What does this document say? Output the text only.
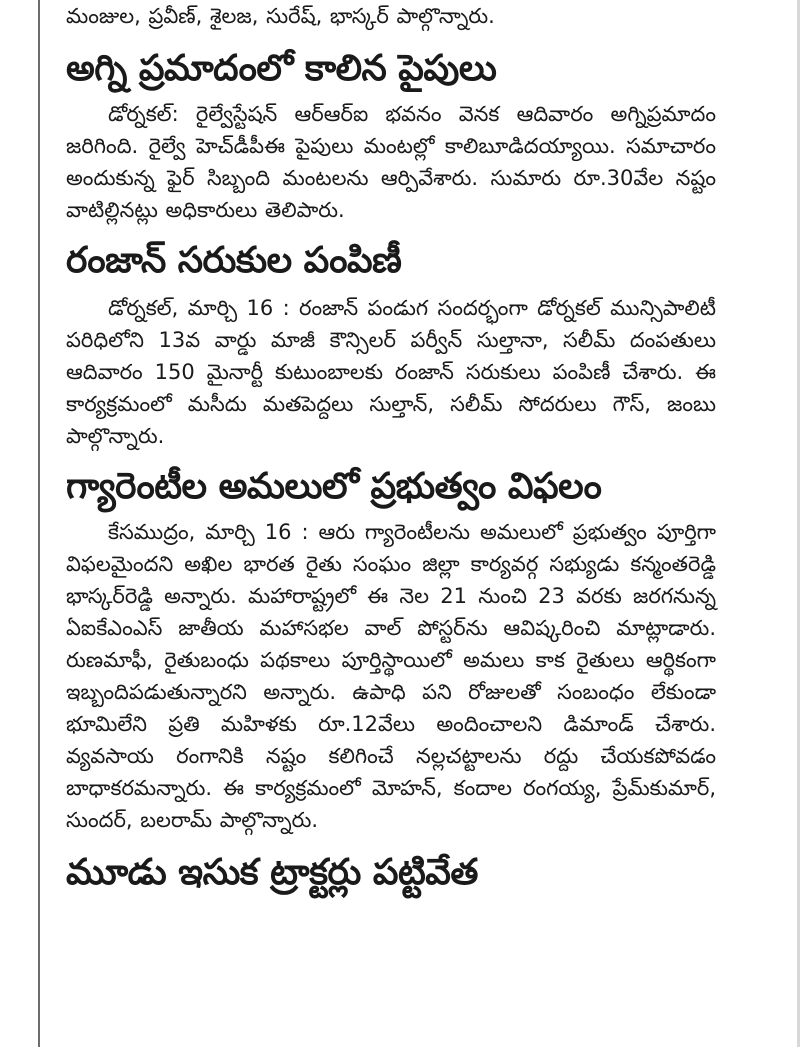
మంజుల, ప్రవీణ్, శైలజ, సురేష్, భాస్కర్ పాల్గొన్నారు.

అగ్ని ప్రమాదంలో కాలిన పైపులు

డోర్నకల్: రైల్వేస్టేషన్ ఆర్‌ఆర్‌ఐ భవనం వెనక ఆదివారం అగ్నిప్రమాదం జరిగింది. రైల్వే హెచ్‌డీపీఈ పైపులు మంటల్లో కాలిబూడిదయ్యాయి. సమాచారం అందుకున్న ఫైర్ సిబ్బంది మంటలను ఆర్పివేశారు. సుమారు రూ.30వేల నష్టం వాటిల్లినట్లు అధికారులు తెలిపారు.

రంజాన్ సరుకుల పంపిణీ

డోర్నకల్, మార్చి 16 : రంజాన్ పండుగ సందర్భంగా డోర్నకల్ మున్సిపాలిటీ పరిధిలోని 13వ వార్డు మాజీ కౌన్సిలర్ పర్వీన్ సుల్తానా, సలీమ్ దంపతులు ఆదివారం 150 మైనార్టీ కుటుంబాలకు రంజాన్ సరుకులు పంపిణీ చేశారు. ఈ కార్యక్రమంలో మసీదు మతపెద్దలు సుల్తాన్, సలీమ్ సోదరులు గౌస్, జంబు పాల్గొన్నారు.

గ్యారెంటీల అమలులో ప్రభుత్వం విఫలం

కేసముద్రం, మార్చి 16 : ఆరు గ్యారెంటీలను అమలులో ప్రభుత్వం పూర్తిగా విఫలమైందని అఖిల భారత రైతు సంఘం జిల్లా కార్యవర్గ సభ్యుడు కన్మంతరెడ్డి భాస్కర్‌రెడ్డి అన్నారు. మహారాష్ట్రలో ఈ నెల 21 నుంచి 23 వరకు జరగనున్న ఏఐకేఎంఎస్ జాతీయ మహాసభల వాల్ పోస్టర్‌ను ఆవిష్కరించి మాట్లాడారు. రుణమాఫీ, రైతుబంధు పథకాలు పూర్తిస్థాయిలో అమలు కాక రైతులు ఆర్థికంగా ఇబ్బందిపడుతున్నారని అన్నారు. ఉపాధి పని రోజులతో సంబంధం లేకుండా భూమిలేని ప్రతి మహిళకు రూ.12వేలు అందించాలని డిమాండ్ చేశారు. వ్యవసాయ రంగానికి నష్టం కలిగించే నల్లచట్టాలను రద్దు చేయకపోవడం బాధాకరమన్నారు. ఈ కార్యక్రమంలో మోహన్, కందాల రంగయ్య, ప్రేమ్‌కుమార్, సుందర్, బలరామ్ పాల్గొన్నారు.

మూడు ఇసుక ట్రాక్టర్లు పట్టివేత
